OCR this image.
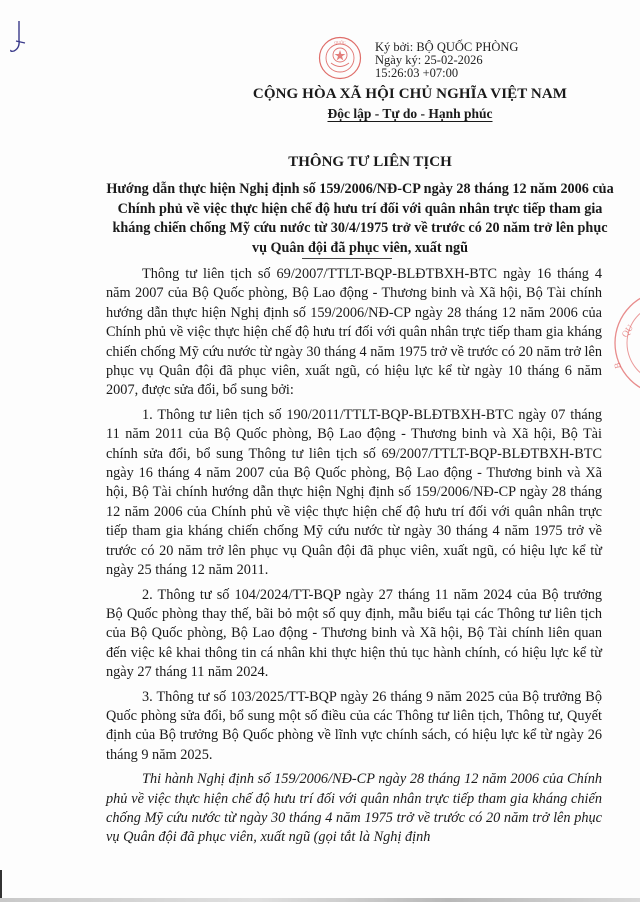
QUỐC Ký bởi: BỘ QUỐC PHÒNG
Ngày ký: 25-02-2026
15:26:03 +07:00
CỘNG HÒA XÃ HỘI CHỦ NGHĨA VIỆT NAM
Độc lập - Tự do - Hạnh phúc
THÔNG TƯ LIÊN TỊCH
Hướng dẫn thực hiện Nghị định số 159/2006/NĐ-CP ngày 28 tháng 12 năm 2006 của Chính phủ về việc thực hiện chế độ hưu trí đối với quân nhân trực tiếp tham gia kháng chiến chống Mỹ cứu nước từ 30/4/1975 trở về trước có 20 năm trở lên phục vụ Quân đội đã phục viên, xuất ngũ

Thông tư liên tịch số 69/2007/TTLT-BQP-BLĐTBXH-BTC ngày 16 tháng 4 năm 2007 của Bộ Quốc phòng, Bộ Lao động - Thương binh và Xã hội, Bộ Tài chính hướng dẫn thực hiện Nghị định số 159/2006/NĐ-CP ngày 28 tháng 12 năm 2006 của Chính phủ về việc thực hiện chế độ hưu trí đối với quân nhân trực tiếp tham gia kháng chiến chống Mỹ cứu nước từ ngày 30 tháng 4 năm 1975 trở về trước có 20 năm trở lên phục vụ Quân đội đã phục viên, xuất ngũ, có hiệu lực kể từ ngày 10 tháng 6 năm 2007, được sửa đổi, bổ sung bởi:

1. Thông tư liên tịch số 190/2011/TTLT-BQP-BLĐTBXH-BTC ngày 07 tháng 11 năm 2011 của Bộ Quốc phòng, Bộ Lao động - Thương binh và Xã hội, Bộ Tài chính sửa đổi, bổ sung Thông tư liên tịch số 69/2007/TTLT-BQP-BLĐTBXH-BTC ngày 16 tháng 4 năm 2007 của Bộ Quốc phòng, Bộ Lao động - Thương binh và Xã hội, Bộ Tài chính hướng dẫn thực hiện Nghị định số 159/2006/NĐ-CP ngày 28 tháng 12 năm 2006 của Chính phủ về việc thực hiện chế độ hưu trí đối với quân nhân trực tiếp tham gia kháng chiến chống Mỹ cứu nước từ ngày 30 tháng 4 năm 1975 trở về trước có 20 năm trở lên phục vụ Quân đội đã phục viên, xuất ngũ, có hiệu lực kể từ ngày 25 tháng 12 năm 2011.

2. Thông tư số 104/2024/TT-BQP ngày 27 tháng 11 năm 2024 của Bộ trưởng Bộ Quốc phòng thay thế, bãi bỏ một số quy định, mẫu biểu tại các Thông tư liên tịch của Bộ Quốc phòng, Bộ Lao động - Thương binh và Xã hội, Bộ Tài chính liên quan đến việc kê khai thông tin cá nhân khi thực hiện thủ tục hành chính, có hiệu lực kể từ ngày 27 tháng 11 năm 2024.

3. Thông tư số 103/2025/TT-BQP ngày 26 tháng 9 năm 2025 của Bộ trưởng Bộ Quốc phòng sửa đổi, bổ sung một số điều của các Thông tư liên tịch, Thông tư, Quyết định của Bộ trưởng Bộ Quốc phòng về lĩnh vực chính sách, có hiệu lực kể từ ngày 26 tháng 9 năm 2025.

Thi hành Nghị định số 159/2006/NĐ-CP ngày 28 tháng 12 năm 2006 của Chính phủ về việc thực hiện chế độ hưu trí đối với quân nhân trực tiếp tham gia kháng chiến chống Mỹ cứu nước từ ngày 30 tháng 4 năm 1975 trở về trước có 20 năm trở lên phục vụ Quân đội đã phục viên, xuất ngũ (gọi tắt là Nghị định

QU
B
